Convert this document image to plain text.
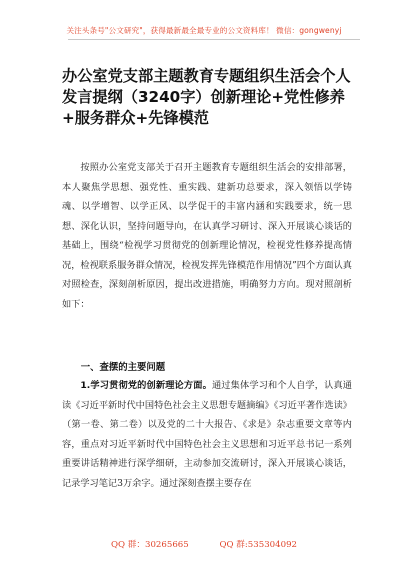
关注头条号"公文研究"，获得最新最全最专业的公文资料库！ 微信：gongwenyj
办公室党支部主题教育专题组织生活会个人发言提纲（3240字）创新理论+党性修养+服务群众+先锋模范

按照办公室党支部关于召开主题教育专题组织生活会的安排部署，本人聚焦学思想、强党性、重实践、建新功总要求，深入领悟以学铸魂、以学增智、以学正风、以学促干的丰富内涵和实践要求，统一思想、深化认识，坚持问题导向，在认真学习研讨、深入开展谈心谈话的基础上，围绕“检视学习贯彻党的创新理论情况，检视党性修养提高情况，检视联系服务群众情况，检视发挥先锋模范作用情况”四个方面认真对照检查，深刻剖析原因，提出改进措施，明确努力方向。现对照剖析如下：

一、查摆的主要问题

1.学习贯彻党的创新理论方面。通过集体学习和个人自学，认真通读《习近平新时代中国特色社会主义思想专题摘编》《习近平著作选读》（第一卷、第二卷）以及党的二十大报告、《求是》杂志重要文章等内容，重点对习近平新时代中国特色社会主义思想和习近平总书记一系列重要讲话精神进行深学细研，主动参加交流研讨，深入开展谈心谈话，记录学习笔记3万余字。通过深刻查摆主要存在

QQ 群：30265665	QQ 群:535304092
